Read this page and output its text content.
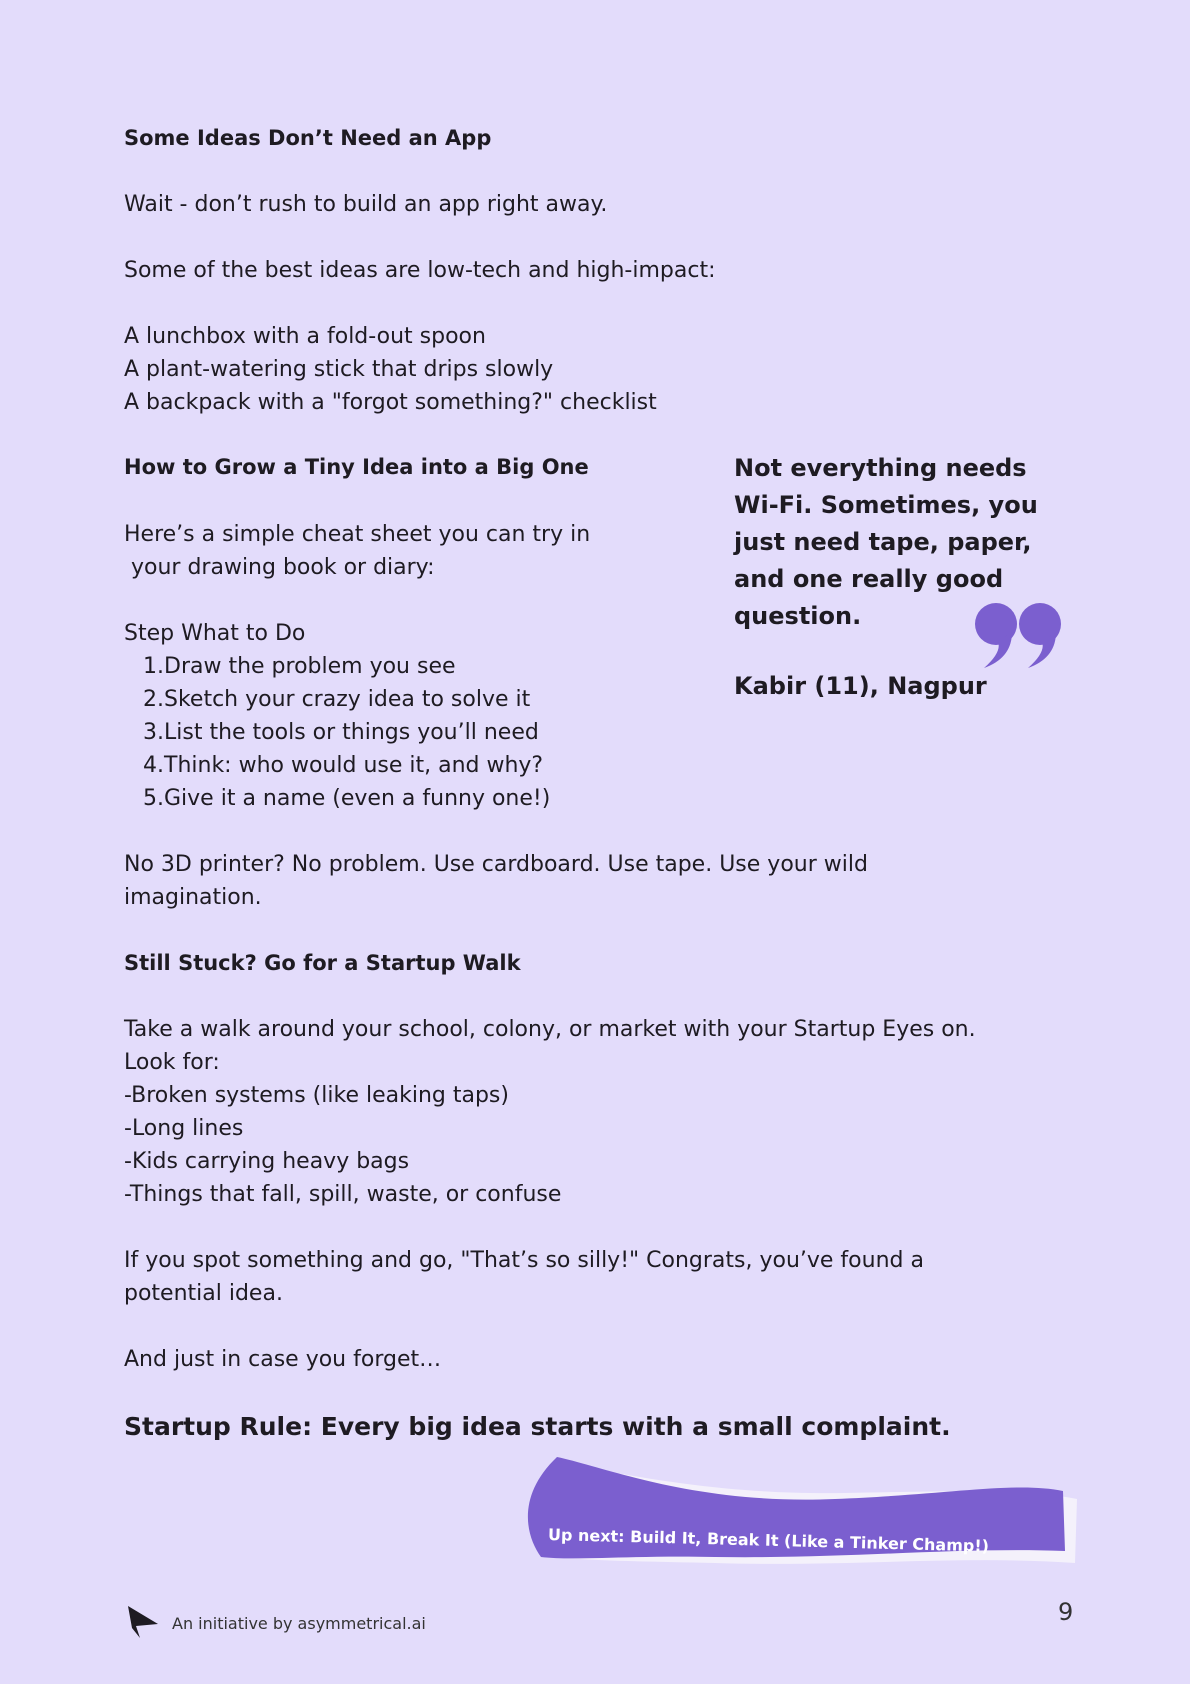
Some Ideas Don’t Need an App
Wait - don’t rush to build an app right away.
Some of the best ideas are low-tech and high-impact:
A lunchbox with a fold-out spoon
A plant-watering stick that drips slowly
A backpack with a "forgot something?" checklist
How to Grow a Tiny Idea into a Big One
Here’s a simple cheat sheet you can try in
your drawing book or diary:
Step What to Do
1.Draw the problem you see
2.Sketch your crazy idea to solve it
3.List the tools or things you’ll need
4.Think: who would use it, and why?
5.Give it a name (even a funny one!)
No 3D printer? No problem. Use cardboard. Use tape. Use your wild
imagination.
Not everything needs Wi-Fi. Sometimes, you just need tape, paper, and one really good question.
Kabir (11), Nagpur
Still Stuck? Go for a Startup Walk
Take a walk around your school, colony, or market with your Startup Eyes on.
Look for:
-Broken systems (like leaking taps)
-Long lines
-Kids carrying heavy bags
-Things that fall, spill, waste, or confuse
If you spot something and go, "That’s so silly!" Congrats, you’ve found a
potential idea.
And just in case you forget…
Startup Rule: Every big idea starts with a small complaint.
Up next: Build It, Break It (Like a Tinker Champ!)
An initiative by asymmetrical.ai	9
